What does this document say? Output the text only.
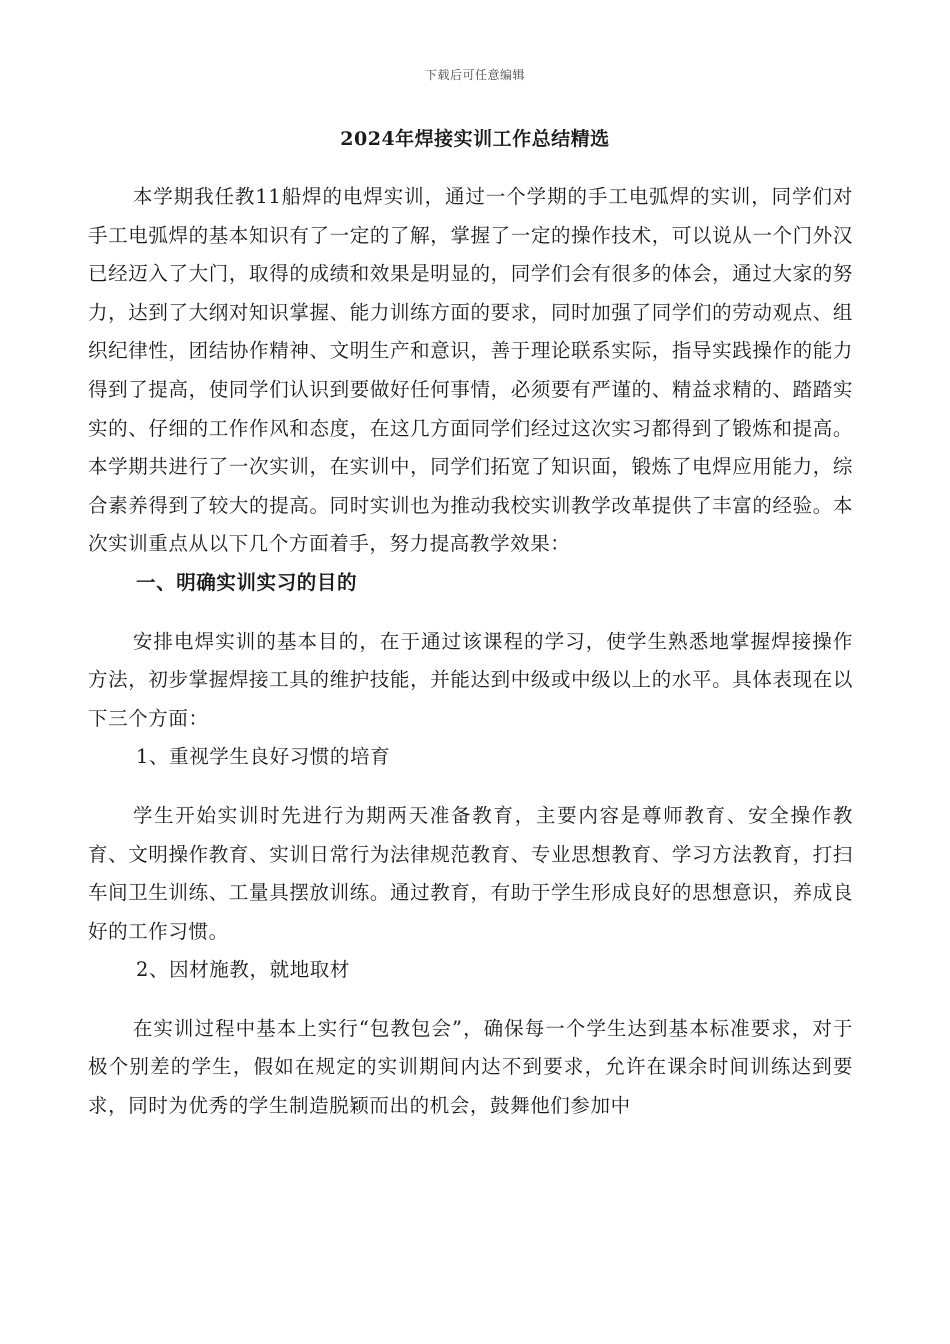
下载后可任意编辑
2024年焊接实训工作总结精选

本学期我任教11船焊的电焊实训，通过一个学期的手工电弧焊的实训，同学们对手工电弧焊的基本知识有了一定的了解，掌握了一定的操作技术，可以说从一个门外汉已经迈入了大门，取得的成绩和效果是明显的，同学们会有很多的体会，通过大家的努力，达到了大纲对知识掌握、能力训练方面的要求，同时加强了同学们的劳动观点、组织纪律性，团结协作精神、文明生产和意识，善于理论联系实际，指导实践操作的能力得到了提高，使同学们认识到要做好任何事情，必须要有严谨的、精益求精的、踏踏实实的、仔细的工作作风和态度，在这几方面同学们经过这次实习都得到了锻炼和提高。本学期共进行了一次实训，在实训中，同学们拓宽了知识面，锻炼了电焊应用能力，综合素养得到了较大的提高。同时实训也为推动我校实训教学改革提供了丰富的经验。本次实训重点从以下几个方面着手，努力提高教学效果：

一、明确实训实习的目的

安排电焊实训的基本目的，在于通过该课程的学习，使学生熟悉地掌握焊接操作方法，初步掌握焊接工具的维护技能，并能达到中级或中级以上的水平。具体表现在以下三个方面：

1、重视学生良好习惯的培育

学生开始实训时先进行为期两天准备教育，主要内容是尊师教育、安全操作教育、文明操作教育、实训日常行为法律规范教育、专业思想教育、学习方法教育，打扫车间卫生训练、工量具摆放训练。通过教育，有助于学生形成良好的思想意识，养成良好的工作习惯。

2、因材施教，就地取材

在实训过程中基本上实行“包教包会”，确保每一个学生达到基本标准要求，对于极个别差的学生，假如在规定的实训期间内达不到要求，允许在课余时间训练达到要求，同时为优秀的学生制造脱颖而出的机会，鼓舞他们参加中
